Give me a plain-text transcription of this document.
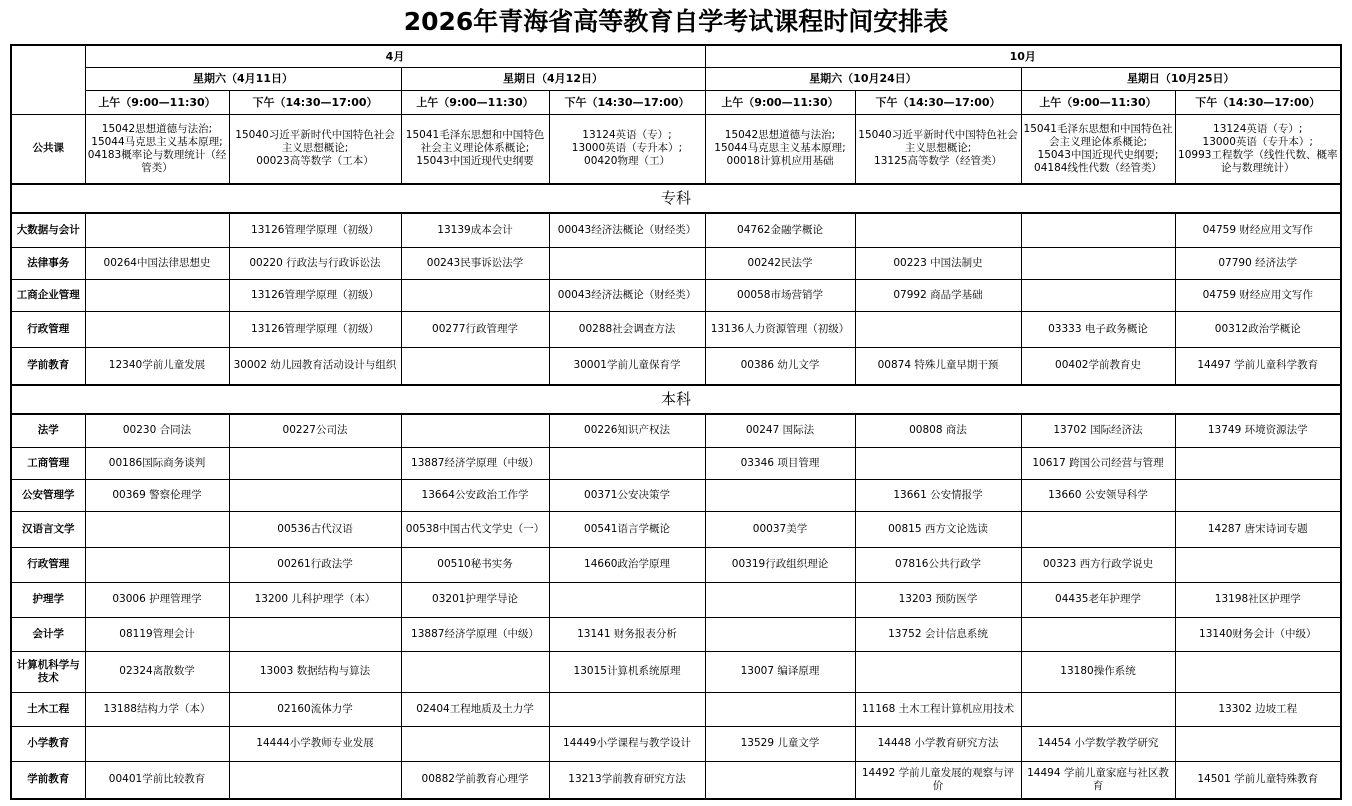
2026年青海省高等教育自学考试课程时间安排表
	4月				10月			
	星期六（4月11日）		星期日（4月12日）		星期六（10月24日）		星期日（10月25日）	
	上午（9:00—11:30）	下午（14:30—17:00）	上午（9:00—11:30）	下午（14:30—17:00）	上午（9:00—11:30）	下午（14:30—17:00）	上午（9:00—11:30）	下午（14:30—17:00）
公共课	15042思想道德与法治;
15044马克思主义基本原理;
04183概率论与数理统计（经管类）	15040习近平新时代中国特色社会主义思想概论;
00023高等数学（工本）	15041毛泽东思想和中国特色社会主义理论体系概论;
15043中国近现代史纲要	13124英语（专）;
13000英语（专升本）;
00420物理（工）	15042思想道德与法治;
15044马克思主义基本原理;
00018计算机应用基础	15040习近平新时代中国特色社会主义思想概论;
13125高等数学（经管类）	15041毛泽东思想和中国特色社会主义理论体系概论;
15043中国近现代史纲要;
04184线性代数（经管类）	13124英语（专）;
13000英语（专升本）;
10993工程数学（线性代数、概率论与数理统计）
专科								
大数据与会计		13126管理学原理（初级）	13139成本会计	00043经济法概论（财经类）	04762金融学概论			04759 财经应用文写作
法律事务	00264中国法律思想史	00220 行政法与行政诉讼法	00243民事诉讼法学		00242民法学	00223 中国法制史		07790 经济法学
工商企业管理		13126管理学原理（初级）		00043经济法概论（财经类）	00058市场营销学	07992 商品学基础		04759 财经应用文写作
行政管理		13126管理学原理（初级）	00277行政管理学	00288社会调查方法	13136人力资源管理（初级）		03333 电子政务概论	00312政治学概论
学前教育	12340学前儿童发展	30002 幼儿园教育活动设计与组织		30001学前儿童保育学	00386 幼儿文学	00874 特殊儿童早期干预	00402学前教育史	14497 学前儿童科学教育
本科								
法学	00230 合同法	00227公司法		00226知识产权法	00247 国际法	00808 商法	13702 国际经济法	13749 环境资源法学
工商管理	00186国际商务谈判		13887经济学原理（中级）		03346 项目管理		10617 跨国公司经营与管理	
公安管理学	00369 警察伦理学		13664公安政治工作学	00371公安决策学		13661 公安情报学	13660 公安领导科学	
汉语言文学		00536古代汉语	00538中国古代文学史（一）	00541语言学概论	00037美学	00815 西方文论选读		14287 唐宋诗词专题
行政管理		00261行政法学	00510秘书实务	14660政治学原理	00319行政组织理论	07816公共行政学	00323 西方行政学说史	
护理学	03006 护理管理学	13200 儿科护理学（本）	03201护理学导论			13203 预防医学	04435老年护理学	13198社区护理学
会计学	08119管理会计		13887经济学原理（中级）	13141 财务报表分析		13752 会计信息系统		13140财务会计（中级）
计算机科学与技术	02324离散数学	13003 数据结构与算法		13015计算机系统原理	13007 编译原理		13180操作系统	
土木工程	13188结构力学（本）	02160流体力学	02404工程地质及土力学			11168 土木工程计算机应用技术		13302 边坡工程
小学教育		14444小学教师专业发展		14449小学课程与教学设计	13529 儿童文学	14448 小学教育研究方法	14454 小学数学教学研究	
学前教育	00401学前比较教育		00882学前教育心理学	13213学前教育研究方法		14492 学前儿童发展的观察与评价	14494 学前儿童家庭与社区教育	14501 学前儿童特殊教育
